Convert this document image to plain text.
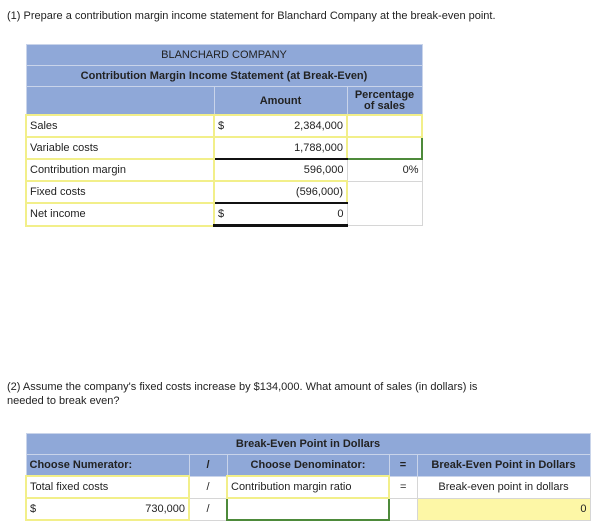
(1) Prepare a contribution margin income statement for Blanchard Company at the break-even point.
BLANCHARD COMPANY		
Contribution Margin Income Statement (at Break-Even)		
	Amount	Percentage
of sales

Sales	$ 2,384,000	

Variable costs	1,788,000	
Contribution margin	596,000	0%
Fixed costs	(596,000)	
Net income	$ 0	

(2) Assume the company's fixed costs increase by $134,000. What amount of sales (in dollars) is
needed to break even?
Break-Even Point in Dollars				
Choose Numerator:	/	Choose Denominator:	=	Break-Even Point in Dollars
Total fixed costs	/	Contribution margin ratio	=	Break-even point in dollars

$ 730,000	/			0
